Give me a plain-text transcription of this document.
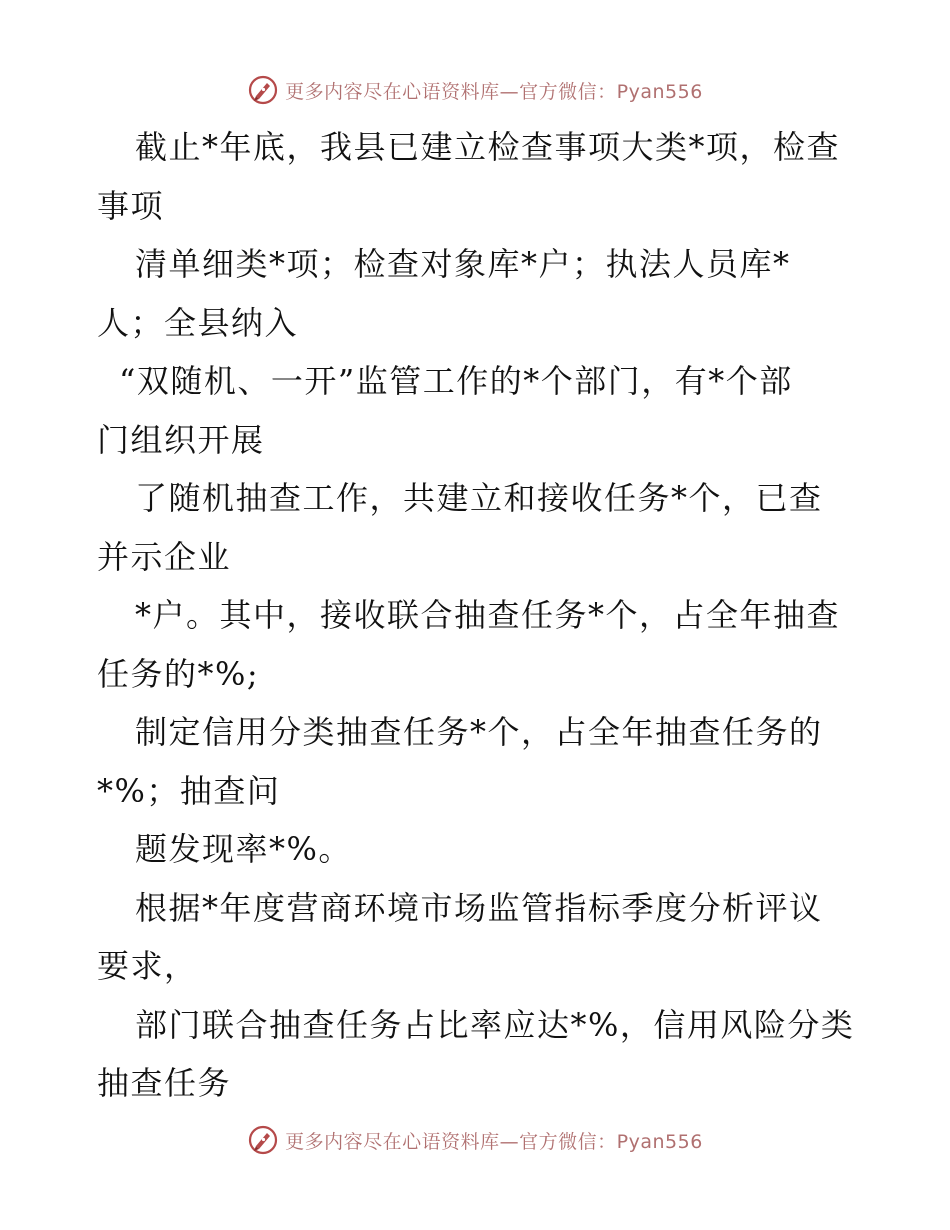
更多内容尽在心语资料库—官方微信：Pyan556

截止*年底，我县已建立检查事项大类*项，检查

事项

清单细类*项；检查对象库*户；执法人员库*

人；全县纳入

“双随机、一开”监管工作的*个部门，有*个部

门组织开展

了随机抽查工作，共建立和接收任务*个，已查

并示企业

*户。其中，接收联合抽查任务*个，占全年抽查

任务的*%;

制定信用分类抽查任务*个，占全年抽查任务的

*%；抽查问

题发现率*%。

根据*年度营商环境市场监管指标季度分析评议

要求，

部门联合抽查任务占比率应达*%，信用风险分类

抽查任务

更多内容尽在心语资料库—官方微信：Pyan556
